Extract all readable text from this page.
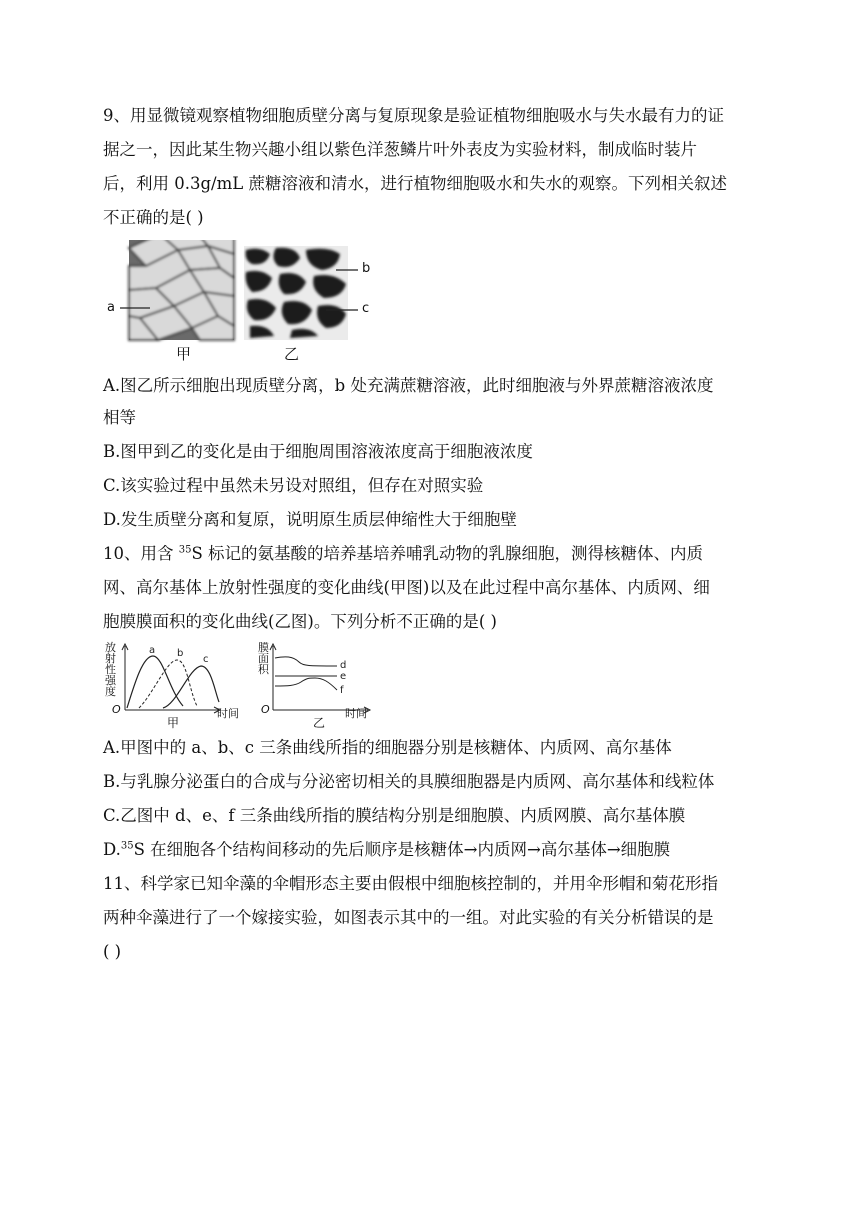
9、用显微镜观察植物细胞质壁分离与复原现象是验证植物细胞吸水与失水最有力的证
据之一，因此某生物兴趣小组以紫色洋葱鳞片叶外表皮为实验材料，制成临时装片
后，利用 0.3g/mL 蔗糖溶液和清水，进行植物细胞吸水和失水的观察。下列相关叙述
不正确的是( )
a
b
c
甲	乙
A.图乙所示细胞出现质壁分离，b 处充满蔗糖溶液，此时细胞液与外界蔗糖溶液浓度
相等
B.图甲到乙的变化是由于细胞周围溶液浓度高于细胞液浓度
C.该实验过程中虽然未另设对照组，但存在对照实验
D.发生质壁分离和复原，说明原生质层伸缩性大于细胞壁
10、用含 $^{35}$S 标记的氨基酸的培养基培养哺乳动物的乳腺细胞，测得核糖体、内质
网、高尔基体上放射性强度的变化曲线(甲图)以及在此过程中高尔基体、内质网、细
胞膜膜面积的变化曲线(乙图)。下列分析不正确的是( )
a b
c
d
e
f
放
射
性
强
度
O	时间
甲
膜
面
积
O	时间
乙
A.甲图中的 a、b、c 三条曲线所指的细胞器分别是核糖体、内质网、高尔基体
B.与乳腺分泌蛋白的合成与分泌密切相关的具膜细胞器是内质网、高尔基体和线粒体
C.乙图中 d、e、f 三条曲线所指的膜结构分别是细胞膜、内质网膜、高尔基体膜
D.$^{35}$S 在细胞各个结构间移动的先后顺序是核糖体→内质网→高尔基体→细胞膜
11、科学家已知伞藻的伞帽形态主要由假根中细胞核控制的，并用伞形帽和菊花形指
两种伞藻进行了一个嫁接实验，如图表示其中的一组。对此实验的有关分析错误的是
( )
